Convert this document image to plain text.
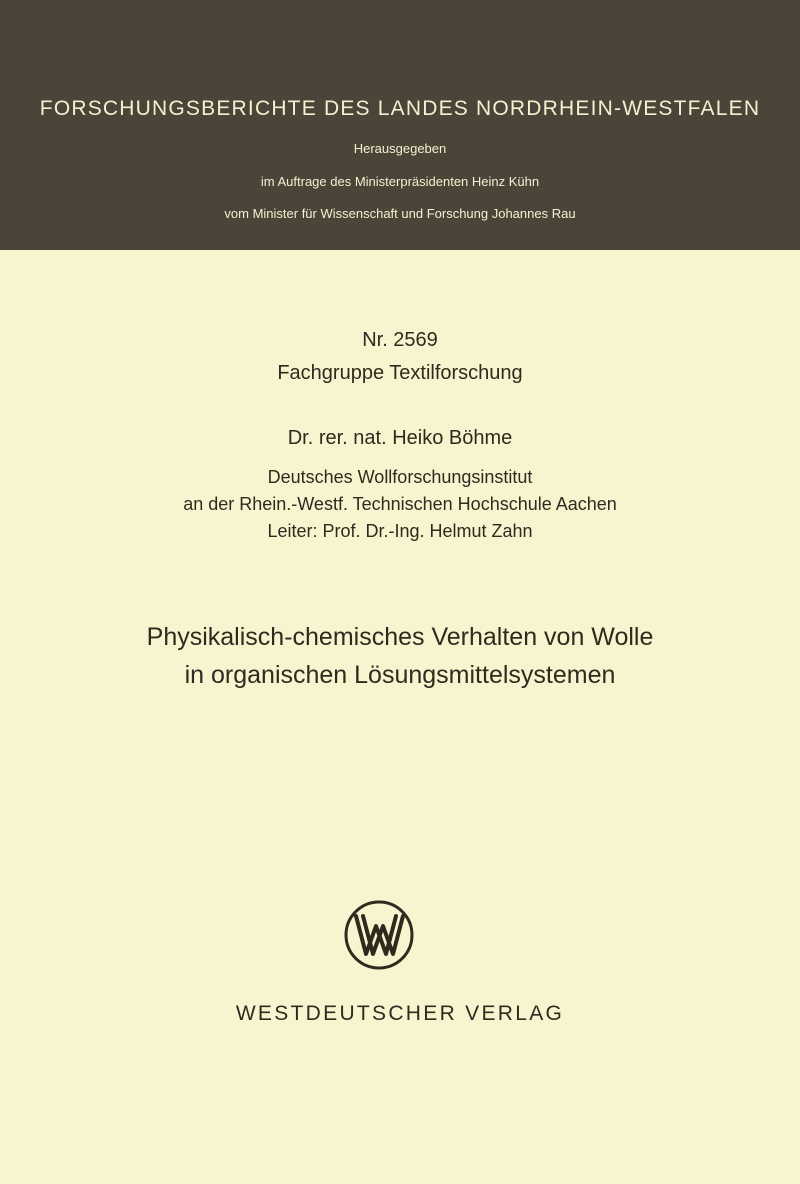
FORSCHUNGSBERICHTE DES LANDES NORDRHEIN-WESTFALEN
Herausgegeben
im Auftrage des Ministerpräsidenten Heinz Kühn
vom Minister für Wissenschaft und Forschung Johannes Rau
Nr. 2569
Fachgruppe Textilforschung
Dr. rer. nat. Heiko Böhme
Deutsches Wollforschungsinstitut
an der Rhein.-Westf. Technischen Hochschule Aachen
Leiter: Prof. Dr.-Ing. Helmut Zahn
Physikalisch-chemisches Verhalten von Wolle
in organischen Lösungsmittelsystemen
WESTDEUTSCHER VERLAG
